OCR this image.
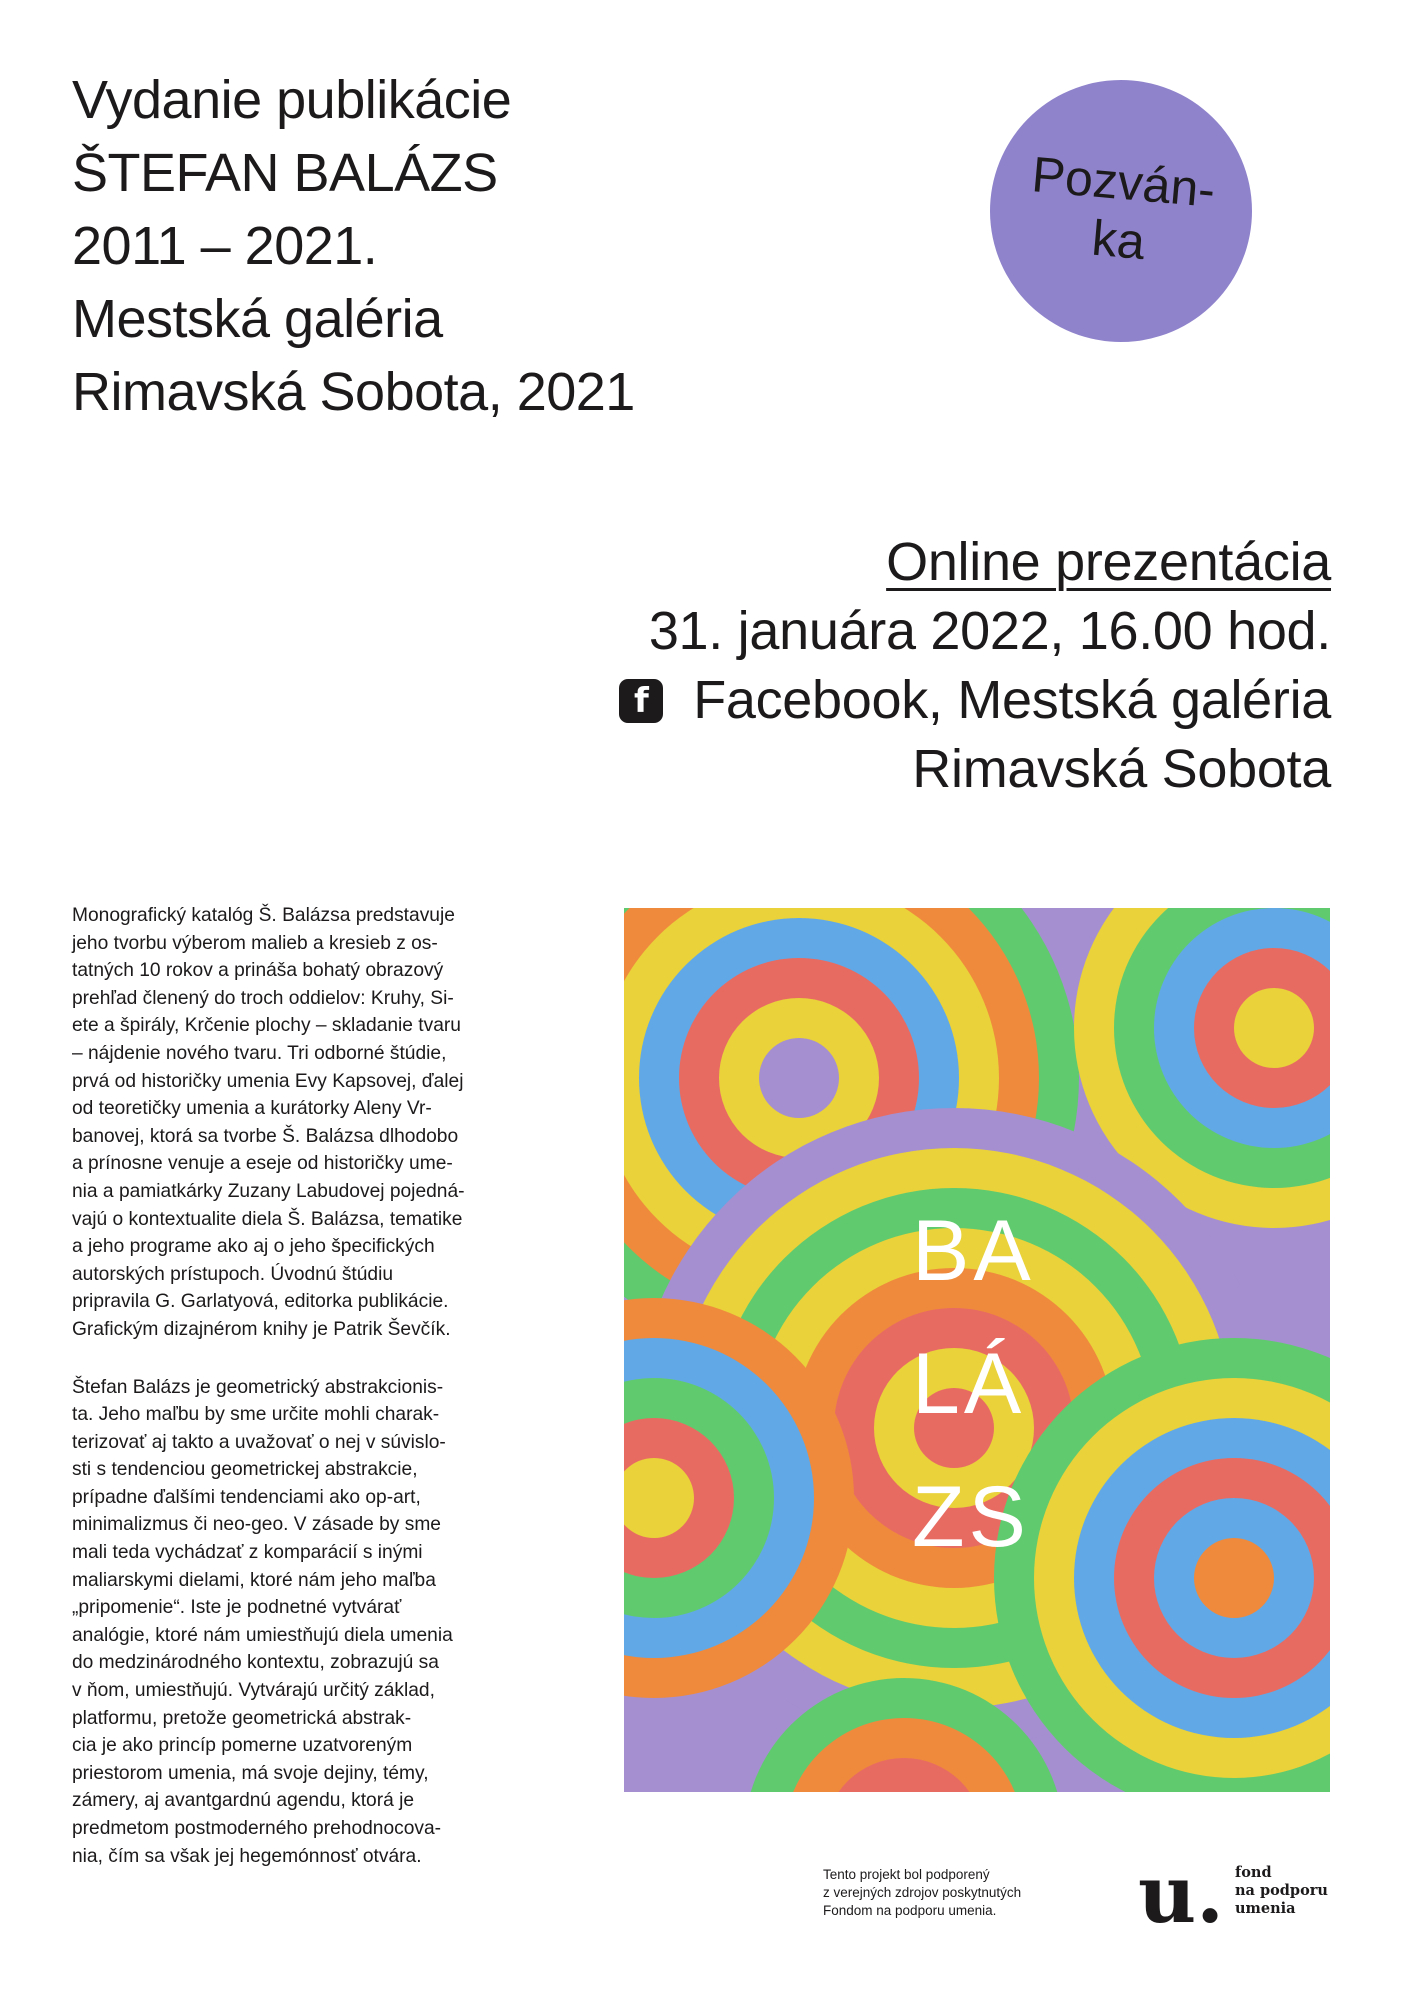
Vydanie publikácie
ŠTEFAN BALÁZS
2011 – 2021.
Mestská galéria
Rimavská Sobota, 2021
Pozván-
ka
Online prezentácia
31. januára 2022, 16.00 hod.
f Facebook, Mestská galéria
Rimavská Sobota

Monografický katalóg Š. Balázsa predstavuje
jeho tvorbu výberom malieb a kresieb z os-
tatných 10 rokov a prináša bohatý obrazový
prehľad členený do troch oddielov: Kruhy, Si-
ete a špirály, Krčenie plochy – skladanie tvaru
– nájdenie nového tvaru. Tri odborné štúdie,
prvá od historičky umenia Evy Kapsovej, ďalej
od teoretičky umenia a kurátorky Aleny Vr-
banovej, ktorá sa tvorbe Š. Balázsa dlhodobo
a prínosne venuje a eseje od historičky ume-
nia a pamiatkárky Zuzany Labudovej pojedná-
vajú o kontextualite diela Š. Balázsa, tematike
a jeho programe ako aj o jeho špecifických
autorských prístupoch. Úvodnú štúdiu
pripravila G. Garlatyová, editorka publikácie.
Grafickým dizajnérom knihy je Patrik Ševčík.

Štefan Balázs je geometrický abstrakcionis-
ta. Jeho maľbu by sme určite mohli charak-
terizovať aj takto a uvažovať o nej v súvislo-
sti s tendenciou geometrickej abstrakcie,
prípadne ďalšími tendenciami ako op-art,
minimalizmus či neo-geo. V zásade by sme
mali teda vychádzať z komparácií s inými
maliarskymi dielami, ktoré nám jeho maľba
„pripomenie“. Iste je podnetné vytvárať
analógie, ktoré nám umiestňujú diela umenia
do medzinárodného kontextu, zobrazujú sa
v ňom, umiestňujú. Vytvárajú určitý základ,
platformu, pretože geometrická abstrak-
cia je ako princíp pomerne uzatvoreným
priestorom umenia, má svoje dejiny, témy,
zámery, aj avantgardnú agendu, ktorá je
predmetom postmoderného prehodnocova-
nia, čím sa však jej hegemónnosť otvára.

BA
LÁ
ZS
Tento projekt bol podporený
z verejných zdrojov poskytnutých
Fondom na podporu umenia.	u. fond
na podporu
umenia
